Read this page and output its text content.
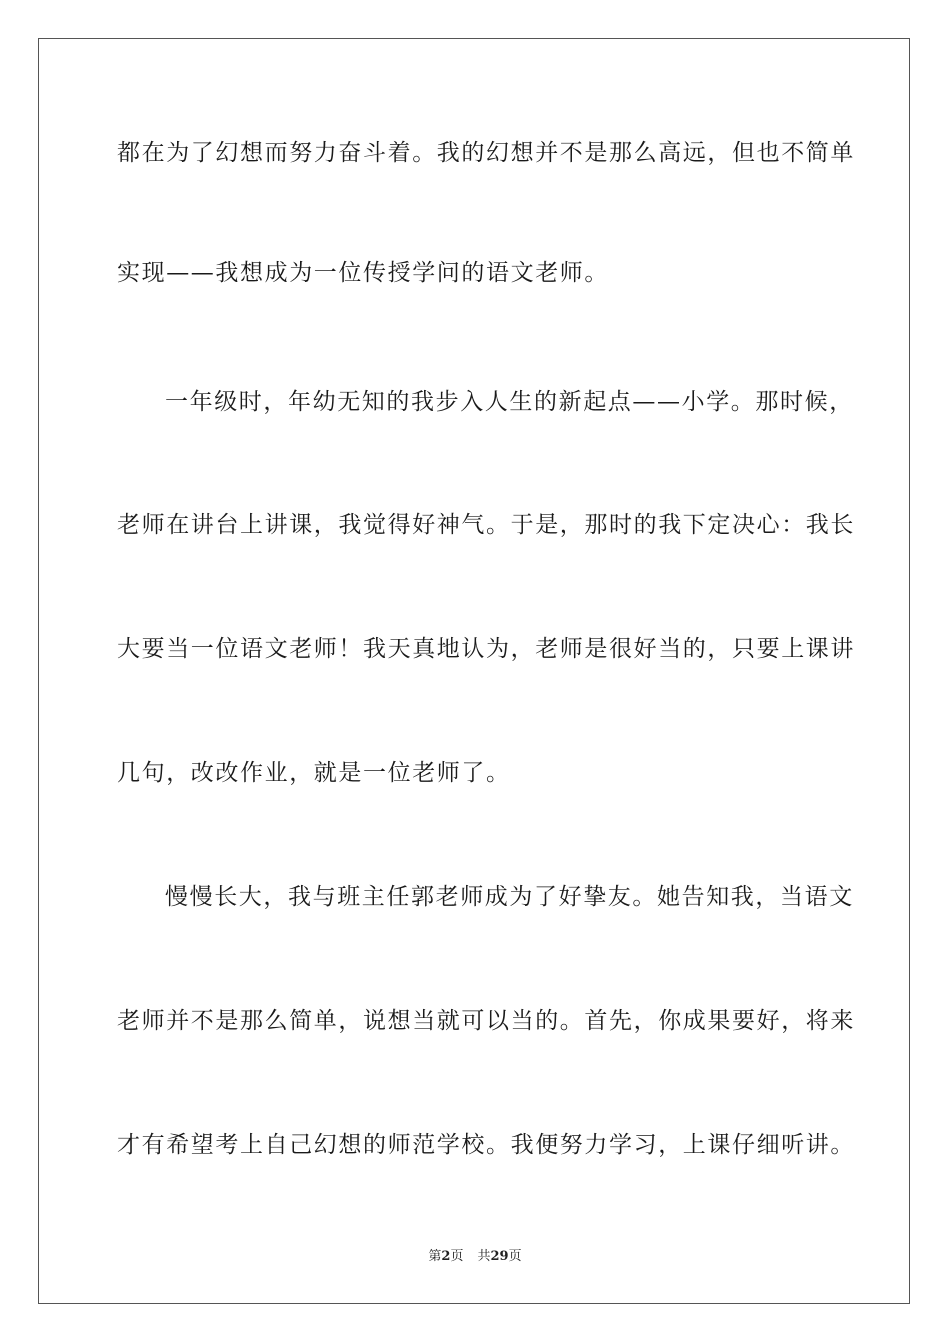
都在为了幻想而努力奋斗着。我的幻想并不是那么高远，但也不简单
实现——我想成为一位传授学问的语文老师。
一年级时，年幼无知的我步入人生的新起点——小学。那时候，
老师在讲台上讲课，我觉得好神气。于是，那时的我下定决心：我长
大要当一位语文老师！我天真地认为，老师是很好当的，只要上课讲
几句，改改作业，就是一位老师了。
慢慢长大，我与班主任郭老师成为了好挚友。她告知我，当语文
老师并不是那么简单，说想当就可以当的。首先，你成果要好，将来
才有希望考上自己幻想的师范学校。我便努力学习，上课仔细听讲。
第2页 共29页
